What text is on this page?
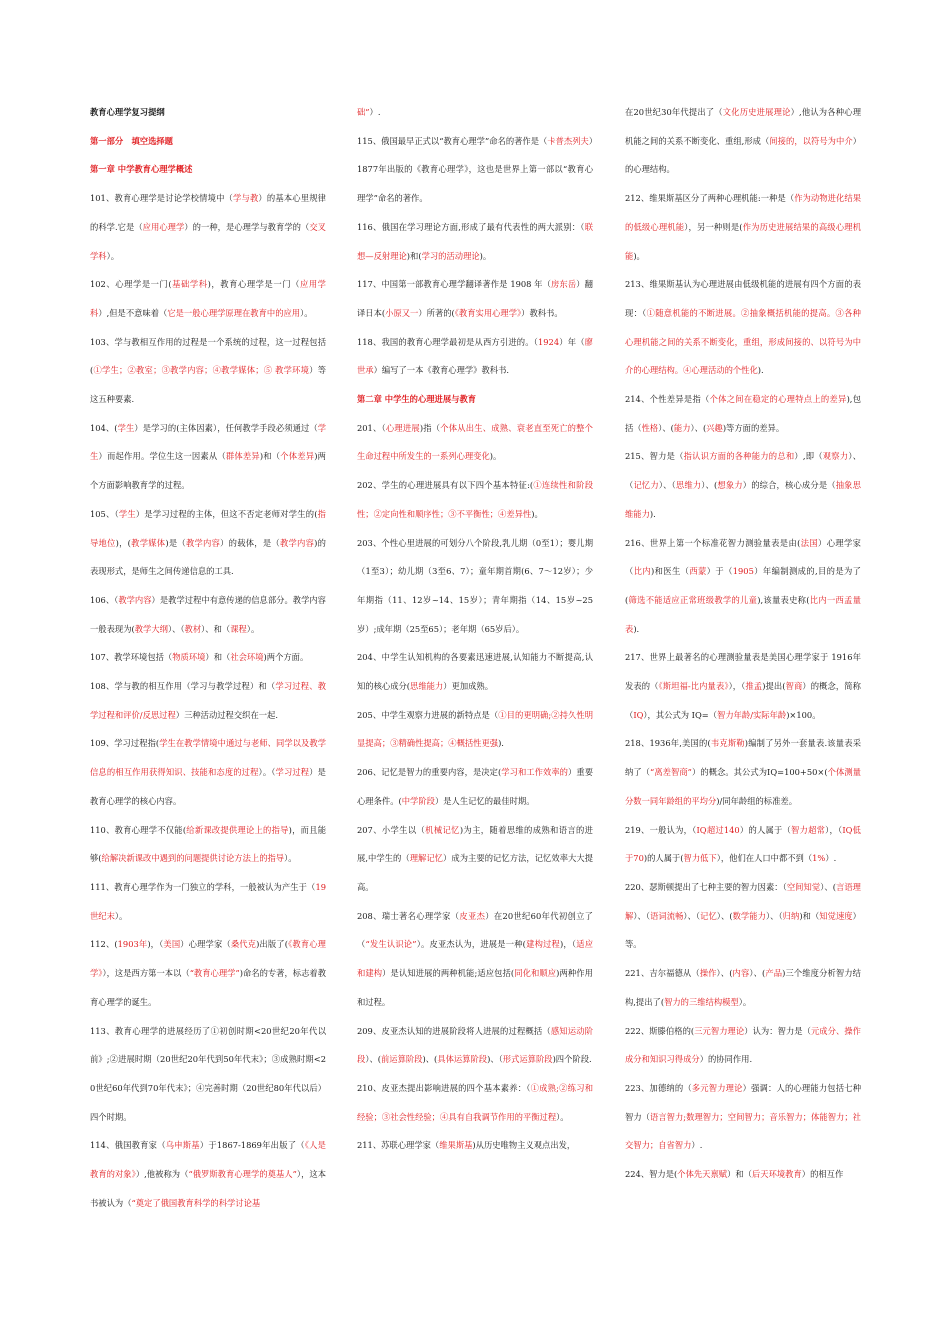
教育心理学复习提纲

第一部分　填空选择题

第一章 中学教育心理学概述

101、教育心理学是讨论学校情境中（学与教）的基本心里规律的科学.它是（应用心理学）的一种，是心理学与教育学的（交叉学科）。

102、心理学是一门(基础学科)，教育心理学是一门（应用学科）,但是不意味着（它是一般心理学原理在教育中的应用）。

103、学与教相互作用的过程是一个系统的过程，这一过程包括(①学生；②教室；③教学内容；④教学媒体；⑤ 教学环境）等这五种要素.

104、(学生）是学习的(主体因素），任何教学手段必须通过（学生）而起作用。学位生这一因素从（群体差异)和（个体差异)两个方面影响教育学的过程。

105、（学生）是学习过程的主体，但这不否定老师对学生的(指导地位)，(教学媒体)是（教学内容）的载体，是（教学内容)的表现形式，是师生之间传递信息的工具.

106、（教学内容）是教学过程中有意传递的信息部分。教学内容一般表现为(教学大纲）、（教材）、和（课程）。

107、教学环境包括（物质环境）和（社会环境)两个方面。

108、学与教的相互作用（学习与教学过程）和（学习过程、教学过程和评价/反思过程）三种活动过程交织在一起.

109、学习过程指(学生在教学情境中通过与老师、同学以及教学信息的相互作用获得知识、技能和态度的过程）。（学习过程）是教育心理学的核心内容。

110、教育心理学不仅能(给新课改提供理论上的指导)，而且能够(给解决新课改中遇到的问题提供讨论方法上的指导）。

111、教育心理学作为一门独立的学科，一般被认为产生于（19世纪末）。

112、(1903年)，（美国）心理学家（桑代克)出版了(《教育心理学》），这是西方第一本以（“教育心理学”)命名的专著，标志着教育心理学的诞生。

113、教育心理学的进展经历了①初创时期<20世纪20年代以前》;②进展时期（20世纪20年代到50年代末》；③成熟时期<20世纪60年代到70年代末》；④完善时期（20世纪80年代以后）四个时期。

114、俄国教育家（乌申斯基）于1867-1869年出版了（《人是教育的对象》）,他被称为（“俄罗斯教育心理学的奠基人”），这本书被认为（“奠定了俄国教育科学的科学讨论基

础”）.

115、俄国最早正式以“教育心理学”命名的著作是（卡普杰列夫）1877年出版的《教育心理学》，这也是世界上第一部以“教育心理学”命名的著作。

116、俄国在学习理论方面,形成了最有代表性的两大派别：（联想—反射理论)和(学习的活动理论)。

117、中国第一部教育心理学翻译著作是 1908 年（房东岳）翻译日本(小原又一）所著的(《教育实用心理学》）教科书。

118、我国的教育心理学最初是从西方引进的。（1924）年（廖世承）编写了一本《教育心理学》教科书.

第二章 中学生的心理进展与教育

201、（心理进展)指（个体从出生、成熟、衰老直至死亡的整个生命过程中所发生的一系列心理变化)。

202、学生的心理进展具有以下四个基本特征:(①连续性和阶段性；②定向性和顺序性；③不平衡性；④差异性)。

203、个性心里进展的可划分八个阶段,乳儿期（0至1）；婴儿期（1至3）；幼儿期（3至6、7）；童年期首期(6、7～12岁）；少年期指（11、12岁~14、15岁）；青年期指（14、15岁~25岁）;成年期（25至65）；老年期（65岁后）。

204、中学生认知机构的各要素迅速进展,认知能力不断提高,认知的核心成分(思维能力）更加成熟。

205、中学生观察力进展的新特点是（①目的更明确;②持久性明显提高；③精确性提高；④概括性更强).

206、记忆是智力的重要内容，是决定(学习和工作效率的）重要心理条件。(中学阶段）是人生记忆的最佳时期。

207、小学生以（机械记忆)为主，随着思维的成熟和语言的进展,中学生的（理解记忆）成为主要的记忆方法，记忆效率大大提高。

208、瑞士著名心理学家（皮亚杰）在20世纪60年代初创立了（“发生认识论”）。皮亚杰认为，进展是一种(建构过程)，（适应和建构）是认知进展的两种机能;适应包括(同化和顺应)两种作用和过程。

209、皮亚杰认知的进展阶段将人进展的过程概括（感知运动阶段）、(前运算阶段)、(具体运算阶段)、（形式运算阶段)四个阶段.

210、皮亚杰提出影响进展的四个基本素养：（①成熟;②练习和经验；③社会性经验；④具有自我调节作用的平衡过程）。

211、苏联心理学家（维果斯基)从历史唯物主义观点出发，

在20世纪30年代提出了（文化历史进展理论）,他认为各种心理机能之间的关系不断变化、重组,形成（间接的，以符号为中介）的心理结构。

212、维果斯基区分了两种心理机能:一种是（作为动物进化结果的低级心理机能），另一种则是(作为历史进展结果的高级心理机能)。

213、维果斯基认为心理进展由低级机能的进展有四个方面的表现：（①随意机能的不断进展。②抽象概括机能的提高。③各种心理机能之间的关系不断变化，重组，形成间接的、以符号为中介的心理结构。④心理活动的个性化).

214、个性差异是指（个体之间在稳定的心理特点上的差异),包括（性格）、(能力）、(兴趣)等方面的差异。

215、智力是（指认识方面的各种能力的总和）,即（观察力）、（记忆力）、（思维力）、(想象力）的综合，核心成分是（抽象思维能力).

216、世界上第一个标准花智力测验量表是由(法国）心理学家（比内)和医生（西蒙）于（1905）年编制测成的,目的是为了(筛选不能适应正常班级教学的儿童),该量表史称(比内一西孟量表).

217、世界上最著名的心理测验量表是美国心理学家于 1916年发表的（《斯坦福-比内量表》），（推孟)提出(智商）的概念，简称（IQ），其公式为 IQ=（智力年龄/实际年龄)×100。

218、1936年,美国的(韦克斯勒)编制了另外一套量表.该量表采纳了（“离差智商”）的概念。其公式为IQ=100+50×(个体测量分数一同年龄组的平均分)/同年龄组的标准差。

219、一般认为，（IQ超过140）的人属于（智力超常），（IQ低于70)的人属于(智力低下），他们在人口中都不到（1%）.

220、瑟斯顿提出了七种主要的智力因素：（空间知觉）、(言语理解）、（语词流畅）、（记忆）、(数学能力）、（归纳)和（知觉速度）等。

221、吉尔福德从（操作）、(内容）、(产品)三个维度分析智力结构,提出了(智力的三维结构模型）。

222、斯滕伯格的(三元智力理论）认为：智力是（元成分、操作成分和知识习得成分）的协同作用.

223、加德纳的（多元智力理论）强调：人的心理能力包括七种智力（语言智力;数理智力；空间智力；音乐智力；体能智力；社交智力；自省智力）.

224、智力是(个体先天禀赋）和（后天环境教育）的相互作
